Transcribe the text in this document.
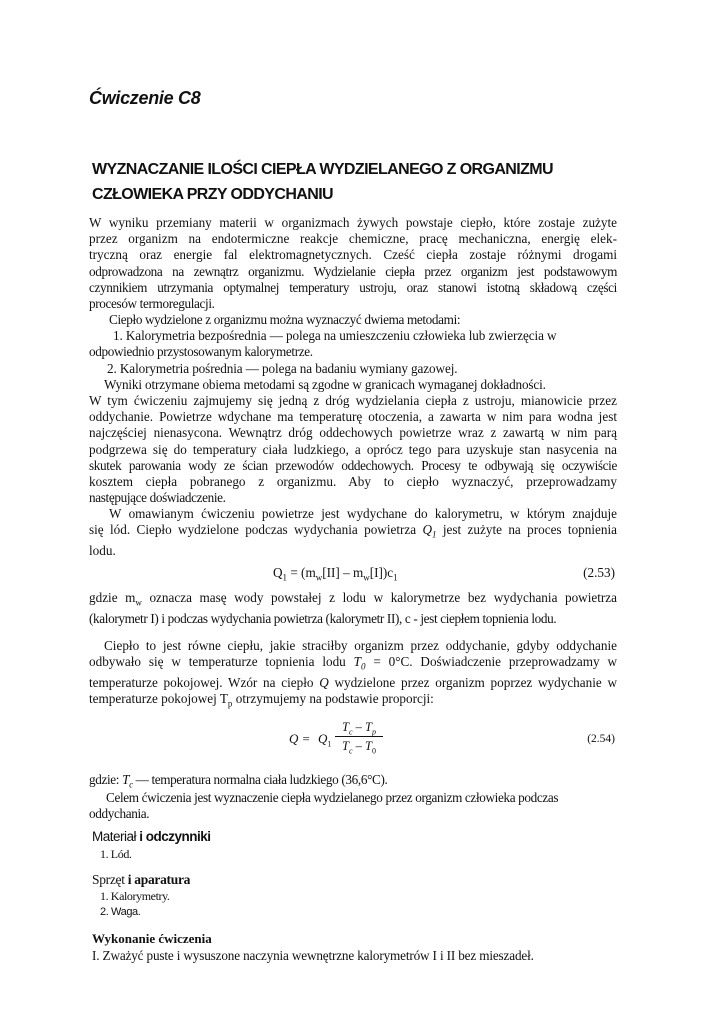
Ćwiczenie C8
WYZNACZANIE ILOŚCI CIEPŁA WYDZIELANEGO Z ORGANIZMU
CZŁOWIEKA PRZY ODDYCHANIU
W wyniku przemiany materii w organizmach żywych powstaje ciepło, które zostaje zużyte
przez organizm na endotermiczne reakcje chemiczne, pracę mechaniczna, energię elek-
tryczną oraz energie fal elektromagnetycznych. Cześć ciepła zostaje różnymi drogami
odprowadzona na zewnątrz organizmu. Wydzielanie ciepła przez organizm jest podstawowym
czynnikiem utrzymania optymalnej temperatury ustroju, oraz stanowi istotną składową części
procesów termoregulacji.
Ciepło wydzielone z organizmu można wyznaczyć dwiema metodami:
1. Kalorymetria bezpośrednia — polega na umieszczeniu człowieka lub zwierzęcia w
odpowiednio przystosowanym kalorymetrze.
2. Kalorymetria pośrednia — polega na badaniu wymiany gazowej.
Wyniki otrzymane obiema metodami są zgodne w granicach wymaganej dokładności.
W tym ćwiczeniu zajmujemy się jedną z dróg wydzielania ciepła z ustroju, mianowicie przez
oddychanie. Powietrze wdychane ma temperaturę otoczenia, a zawarta w nim para wodna jest
najczęściej nienasycona. Wewnątrz dróg oddechowych powietrze wraz z zawartą w nim parą
podgrzewa się do temperatury ciała ludzkiego, a oprócz tego para uzyskuje stan nasycenia na
skutek parowania wody ze ścian przewodów oddechowych. Procesy te odbywają się oczywiście
kosztem ciepła pobranego z organizmu. Aby to ciepło wyznaczyć, przeprowadzamy
następujące doświadczenie.
W omawianym ćwiczeniu powietrze jest wydychane do kalorymetru, w którym znajduje
się lód. Ciepło wydzielone podczas wydychania powietrza $Q_1$ jest zużyte na proces topnienia
lodu.
$Q_1 = (m_w[II] - m_w[I])c_1$	(2.53)
gdzie $m_w$ oznacza masę wody powstałej z lodu w kalorymetrze bez wydychania powietrza
(kalorymetr I) i podczas wydychania powietrza (kalorymetr II), c - jest ciepłem topnienia lodu.
Ciepło to jest równe ciepłu, jakie straciłby organizm przez oddychanie, gdyby oddychanie
odbywało się w temperaturze topnienia lodu $T_0 = 0^\circ C$. Doświadczenie przeprowadzamy w
temperaturze pokojowej. Wzór na ciepło Q wydzielone przez organizm poprzez wydychanie w
temperaturze pokojowej $T_p$ otrzymujemy na podstawie proporcji:
$Q = Q_1$
$T_c - T_p$
$T_c - T_0$
(2.54)
gdzie: $T_c$ — temperatura normalna ciała ludzkiego (36,6°C).
Celem ćwiczenia jest wyznaczenie ciepła wydzielanego przez organizm człowieka podczas
oddychania.
Materiał i odczynniki
1. Lód.
Sprzęt i aparatura
1. Kalorymetry.
2. Waga.
Wykonanie ćwiczenia
I. Zważyć puste i wysuszone naczynia wewnętrzne kalorymetrów I i II bez mieszadeł.
